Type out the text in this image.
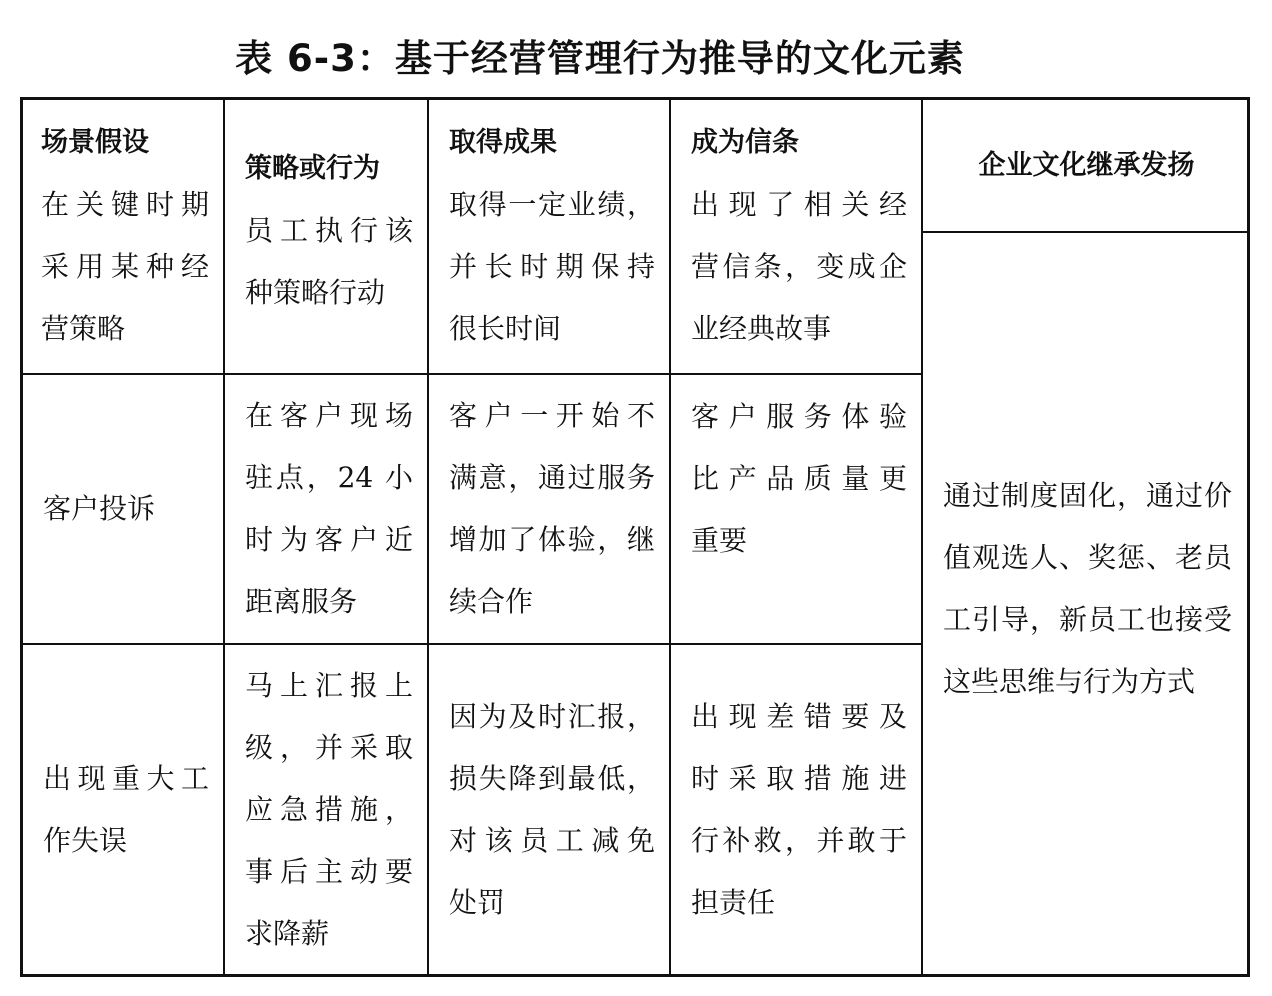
表 6-3：基于经营管理行为推导的文化元素
场景假设
在关键时期
采用某种经
营策略
策略或行为
员工执行该
种策略行动
取得成果
取得一定业绩，
并长时期保持
很长时间
成为信条
出现了相关经
营信条，变成企
业经典故事
企业文化继承发扬
客户投诉
在客户现场
驻点，24 小
时为客户近
距离服务
客户一开始不
满意，通过服务
增加了体验，继
续合作
客户服务体验
比产品质量更
重要
出现重大工
作失误
马上汇报上
级，并采取
应急措施，
事后主动要
求降薪
因为及时汇报，
损失降到最低，
对该员工减免
处罚
出现差错要及
时采取措施进
行补救，并敢于
担责任
通过制度固化，通过价
值观选人、奖惩、老员
工引导，新员工也接受
这些思维与行为方式
